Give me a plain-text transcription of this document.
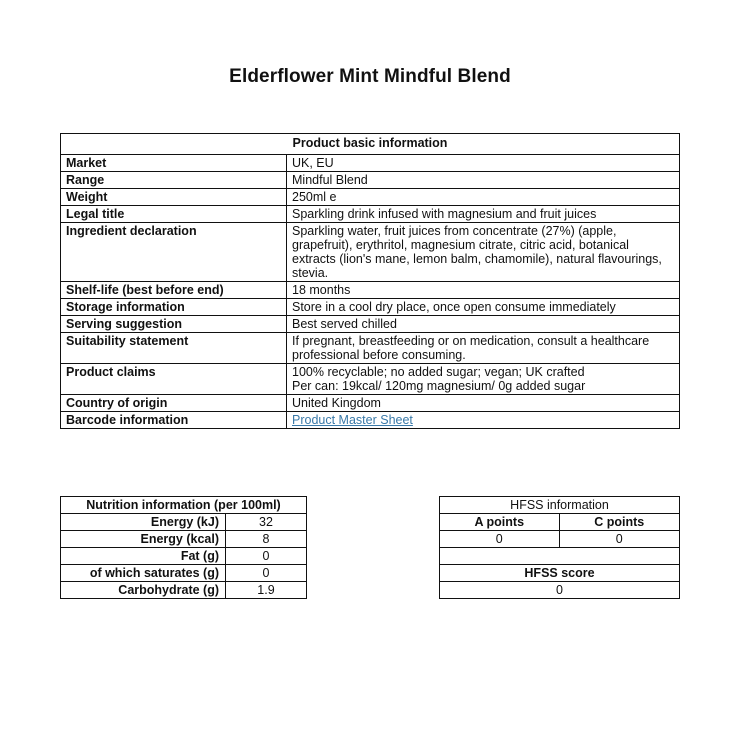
Elderflower Mint Mindful Blend
Product basic information	
Market	UK, EU
Range	Mindful Blend
Weight	250ml e
Legal title	Sparkling drink infused with magnesium and fruit juices
Ingredient declaration	Sparkling water, fruit juices from concentrate (27%) (apple, grapefruit), erythritol, magnesium citrate, citric acid, botanical extracts (lion's mane, lemon balm, chamomile), natural flavourings, stevia.
Shelf-life (best before end)	18 months
Storage information	Store in a cool dry place, once open consume immediately
Serving suggestion	Best served chilled
Suitability statement	If pregnant, breastfeeding or on medication, consult a healthcare professional before consuming.
Product claims	100% recyclable; no added sugar; vegan; UK crafted
Per can: 19kcal/ 120mg magnesium/ 0g added sugar

Country of origin	United Kingdom
Barcode information	Product Master Sheet
Nutrition information (per 100ml)	
Energy (kJ)	32
Energy (kcal)	8
Fat (g)	0
of which saturates (g)	0
Carbohydrate (g)	1.9
HFSS information	
A points	C points
0	0

HFSS score	
0	
